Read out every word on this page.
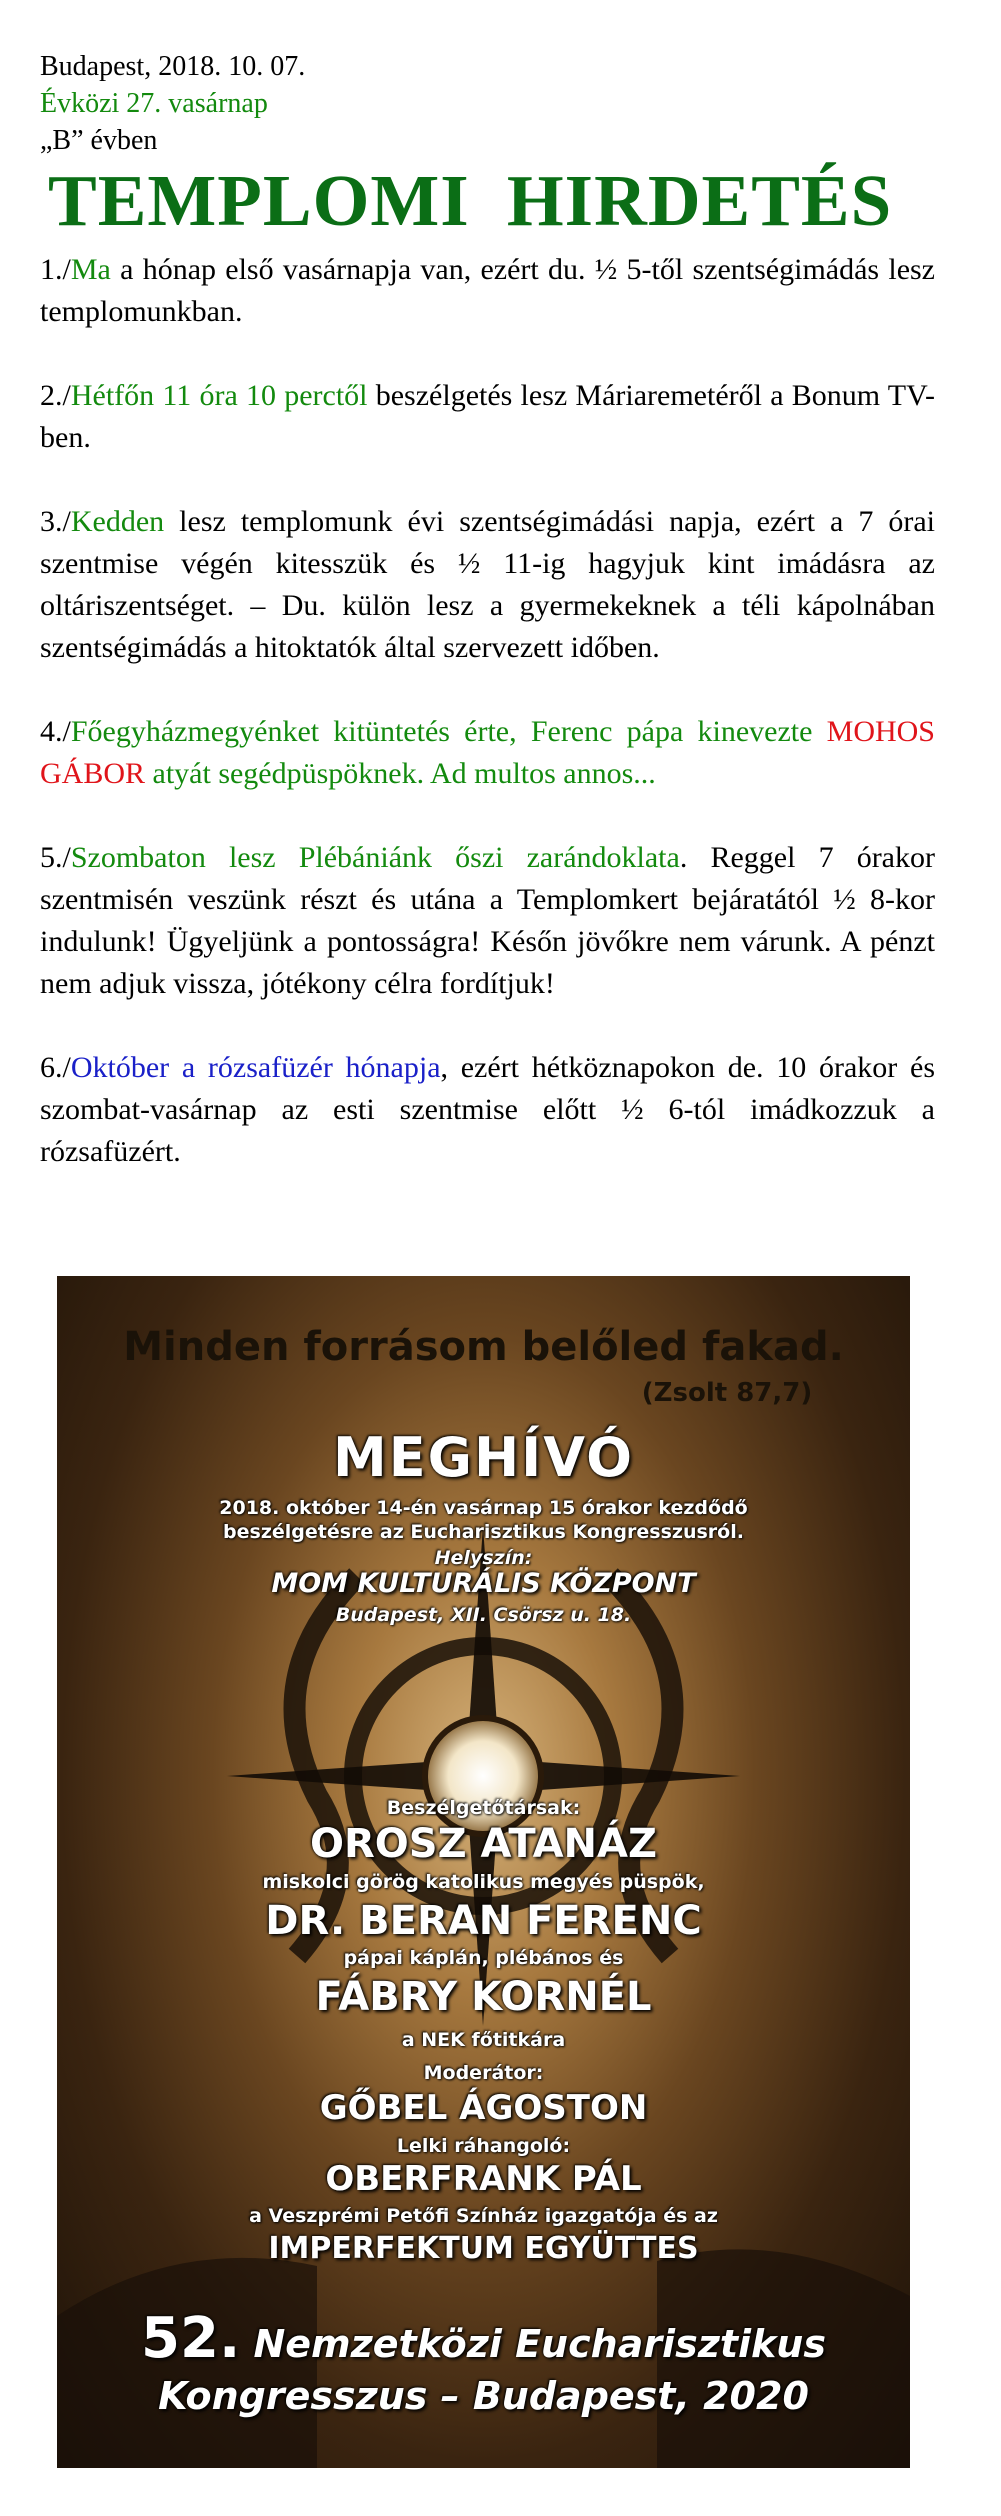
Budapest, 2018. 10. 07.
Évközi 27. vasárnap
„B” évben
TEMPLOMI HIRDETÉS
1./Ma a hónap első vasárnapja van, ezért du. ½ 5-től szentségimádás lesz templomunkban.
2./Hétfőn 11 óra 10 perctől beszélgetés lesz Máriaremetéről a Bonum TV-ben.
3./Kedden lesz templomunk évi szentségimádási napja, ezért a 7 órai szentmise végén kitesszük és ½ 11-ig hagyjuk kint imádásra az oltáriszentséget. – Du. külön lesz a gyermekeknek a téli kápolnában szentségimádás a hitoktatók által szervezett időben.
4./Főegyházmegyénket kitüntetés érte, Ferenc pápa kinevezte MOHOS GÁBOR atyát segédpüspöknek. Ad multos annos...
5./Szombaton lesz Plébániánk őszi zarándoklata. Reggel 7 órakor szentmisén veszünk részt és utána a Templomkert bejáratától ½ 8-kor indulunk! Ügyeljünk a pontosságra! Későn jövőkre nem várunk. A pénzt nem adjuk vissza, jótékony célra fordítjuk!
6./Október a rózsafüzér hónapja, ezért hétköznapokon de. 10 órakor és szombat-vasárnap az esti szentmise előtt ½ 6-tól imádkozzuk a rózsafüzért.
Minden forrásom belőled fakad.
(Zsolt 87,7)
MEGHÍVÓ
2018. október 14-én vasárnap 15 órakor kezdődő
beszélgetésre az Eucharisztikus Kongresszusról.
Helyszín:
MOM KULTURÁLIS KÖZPONT
Budapest, XII. Csörsz u. 18.
Beszélgetőtársak:
OROSZ ATANÁZ
miskolci görög katolikus megyés püspök,
DR. BERAN FERENC
pápai káplán, plébános és
FÁBRY KORNÉL
a NEK főtitkára
Moderátor:
GŐBEL ÁGOSTON
Lelki ráhangoló:
OBERFRANK PÁL
a Veszprémi Petőfi Színház igazgatója és az
IMPERFEKTUM EGYÜTTES
52. Nemzetközi Eucharisztikus
Kongresszus – Budapest, 2020
